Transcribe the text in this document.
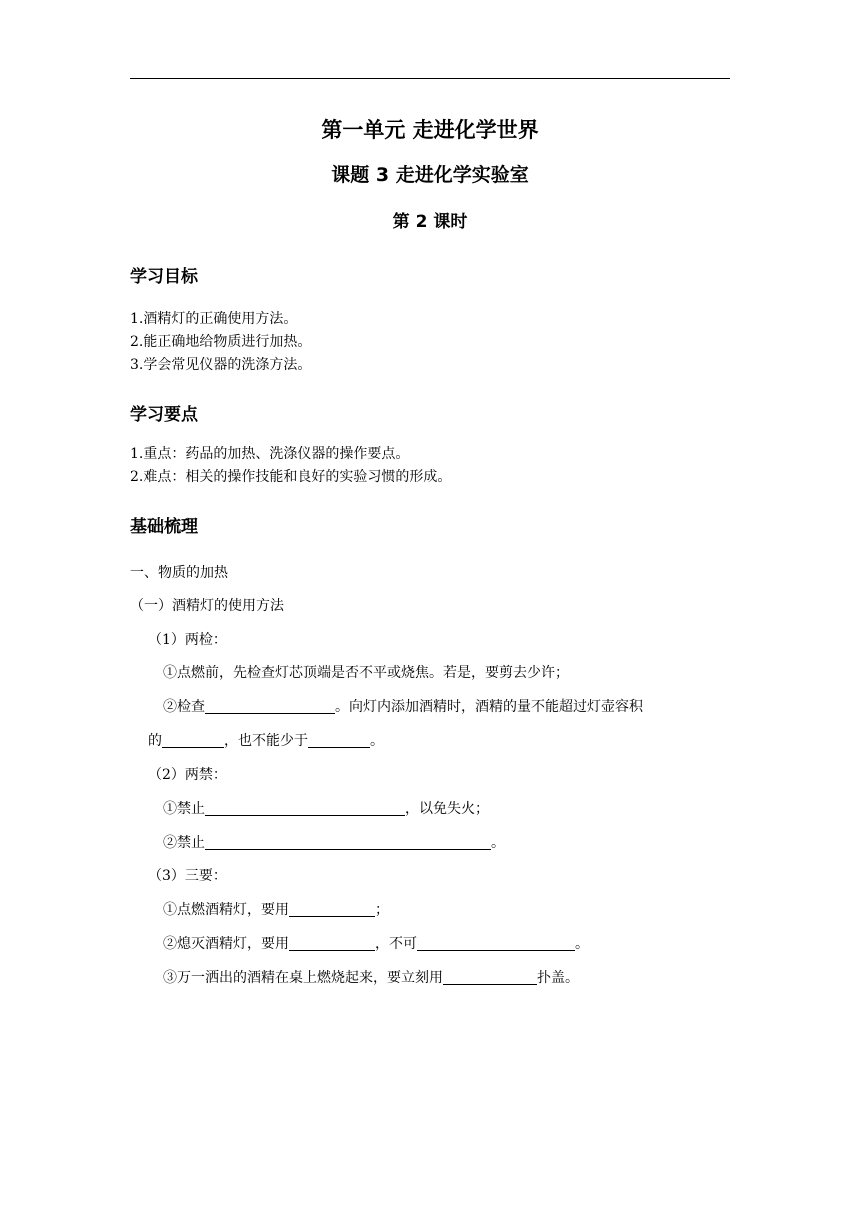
第一单元 走进化学世界
课题 3 走进化学实验室
第 2 课时
学习目标
1.酒精灯的正确使用方法。
2.能正确地给物质进行加热。
3.学会常见仪器的洗涤方法。
学习要点
1.重点：药品的加热、洗涤仪器的操作要点。
2.难点：相关的操作技能和良好的实验习惯的形成。
基础梳理
一、物质的加热
（一）酒精灯的使用方法
（1）两检：
①点燃前，先检查灯芯顶端是否不平或烧焦。若是，要剪去少许；
②检查	。向灯内添加酒精时，酒精的量不能超过灯壶容积
的	，也不能少于	。
（2）两禁：
①禁止	，以免失火；
②禁止	。
（3）三要：
①点燃酒精灯，要用	；
②熄灭酒精灯，要用	，不可	。
③万一洒出的酒精在桌上燃烧起来，要立刻用	扑盖。
